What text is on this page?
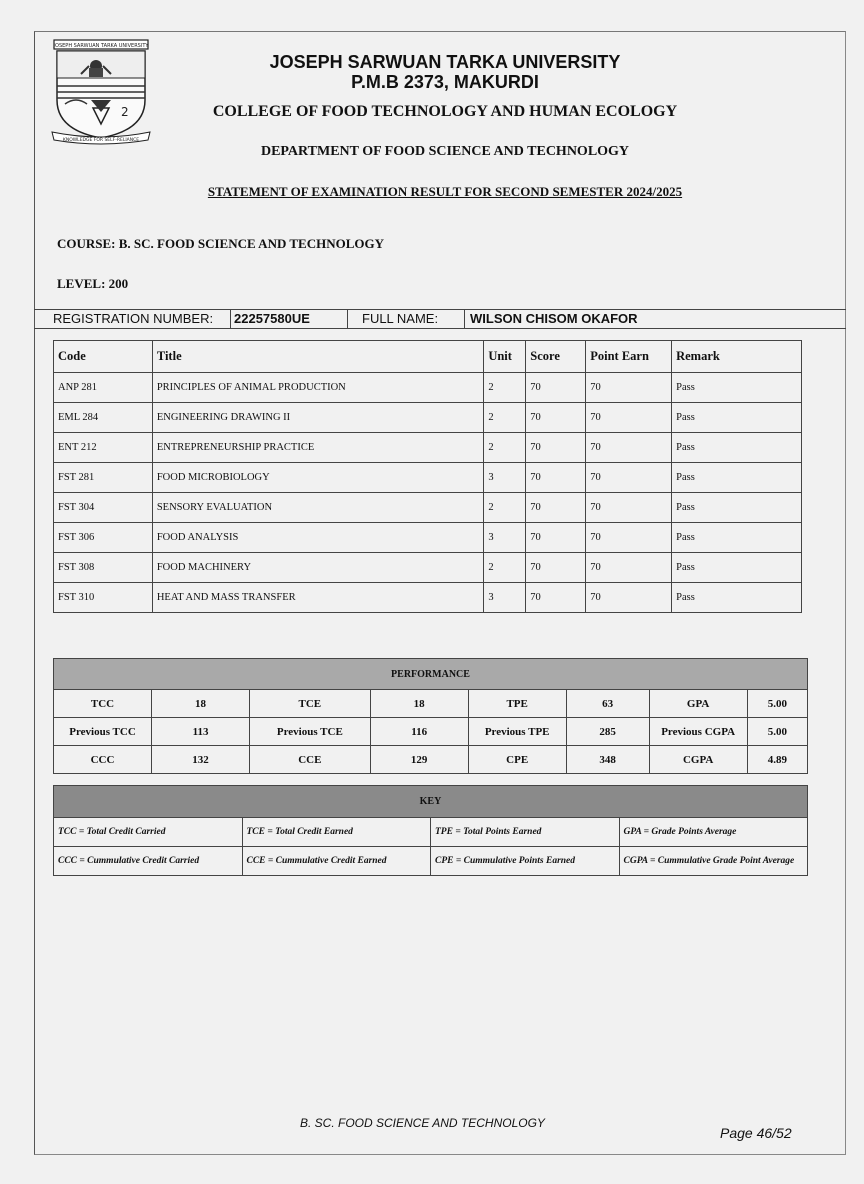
JOSEPH SARWUAN TARKA UNIVERSITY
2
KNOWLEDGE FOR SELF-RELIANCE
JOSEPH SARWUAN TARKA UNIVERSITY
P.M.B 2373, MAKURDI
COLLEGE OF FOOD TECHNOLOGY AND HUMAN ECOLOGY
DEPARTMENT OF FOOD SCIENCE AND TECHNOLOGY
STATEMENT OF EXAMINATION RESULT FOR SECOND SEMESTER 2024/2025
COURSE: B. SC. FOOD SCIENCE AND TECHNOLOGY
LEVEL: 200
REGISTRATION NUMBER: 22257580UE	FULL NAME: WILSON CHISOM OKAFOR
Code	Title	Unit	Score	Point Earn	Remark
ANP 281	PRINCIPLES OF ANIMAL PRODUCTION	2	70	70	Pass
EML 284	ENGINEERING DRAWING II	2	70	70	Pass
ENT 212	ENTREPRENEURSHIP PRACTICE	2	70	70	Pass
FST 281	FOOD MICROBIOLOGY	3	70	70	Pass
FST 304	SENSORY EVALUATION	2	70	70	Pass
FST 306	FOOD ANALYSIS	3	70	70	Pass
FST 308	FOOD MACHINERY	2	70	70	Pass
FST 310	HEAT AND MASS TRANSFER	3	70	70	Pass
PERFORMANCE							
TCC	18	TCE	18	TPE	63	GPA	5.00
Previous TCC	113	Previous TCE	116	Previous TPE	285	Previous CGPA	5.00
CCC	132	CCE	129	CPE	348	CGPA	4.89
KEY			
TCC = Total Credit Carried	TCE = Total Credit Earned	TPE = Total Points Earned	GPA = Grade Points Average
CCC = Cummulative Credit Carried	CCE = Cummulative Credit Earned	CPE = Cummulative Points Earned	CGPA = Cummulative Grade Point Average
B. SC. FOOD SCIENCE AND TECHNOLOGY
Page 46/52
